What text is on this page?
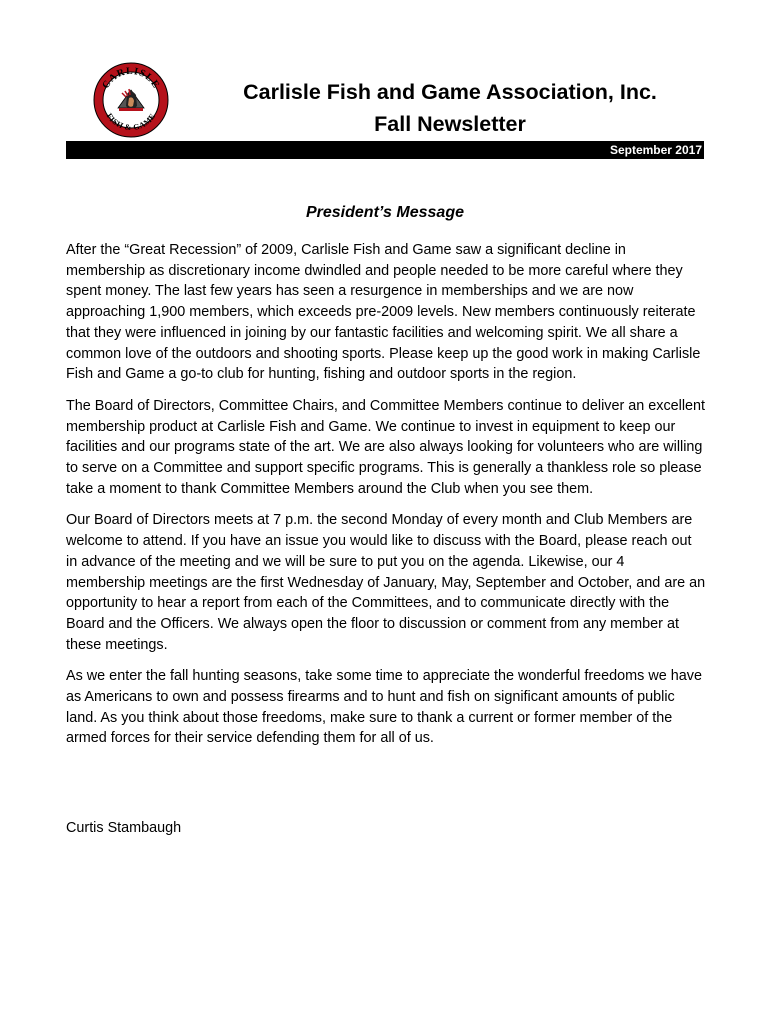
CARLISLE
FISH & GAME
Carlisle Fish and Game Association, Inc.
Fall Newsletter
September 2017
President’s Message

After the “Great Recession” of 2009, Carlisle Fish and Game saw a significant decline in membership as discretionary income dwindled and people needed to be more careful where they spent money. The last few years has seen a resurgence in memberships and we are now approaching 1,900 members, which exceeds pre-2009 levels. New members continuously reiterate that they were influenced in joining by our fantastic facilities and welcoming spirit. We all share a common love of the outdoors and shooting sports. Please keep up the good work in making Carlisle Fish and Game a go-to club for hunting, fishing and outdoor sports in the region.

The Board of Directors, Committee Chairs, and Committee Members continue to deliver an excellent membership product at Carlisle Fish and Game. We continue to invest in equipment to keep our facilities and our programs state of the art. We are also always looking for volunteers who are willing to serve on a Committee and support specific programs. This is generally a thankless role so please take a moment to thank Committee Members around the Club when you see them.

Our Board of Directors meets at 7 p.m. the second Monday of every month and Club Members are welcome to attend. If you have an issue you would like to discuss with the Board, please reach out in advance of the meeting and we will be sure to put you on the agenda. Likewise, our 4 membership meetings are the first Wednesday of January, May, September and October, and are an opportunity to hear a report from each of the Committees, and to communicate directly with the Board and the Officers. We always open the floor to discussion or comment from any member at these meetings.

As we enter the fall hunting seasons, take some time to appreciate the wonderful freedoms we have as Americans to own and possess firearms and to hunt and fish on significant amounts of public land. As you think about those freedoms, make sure to thank a current or former member of the armed forces for their service defending them for all of us.

Curtis Stambaugh
